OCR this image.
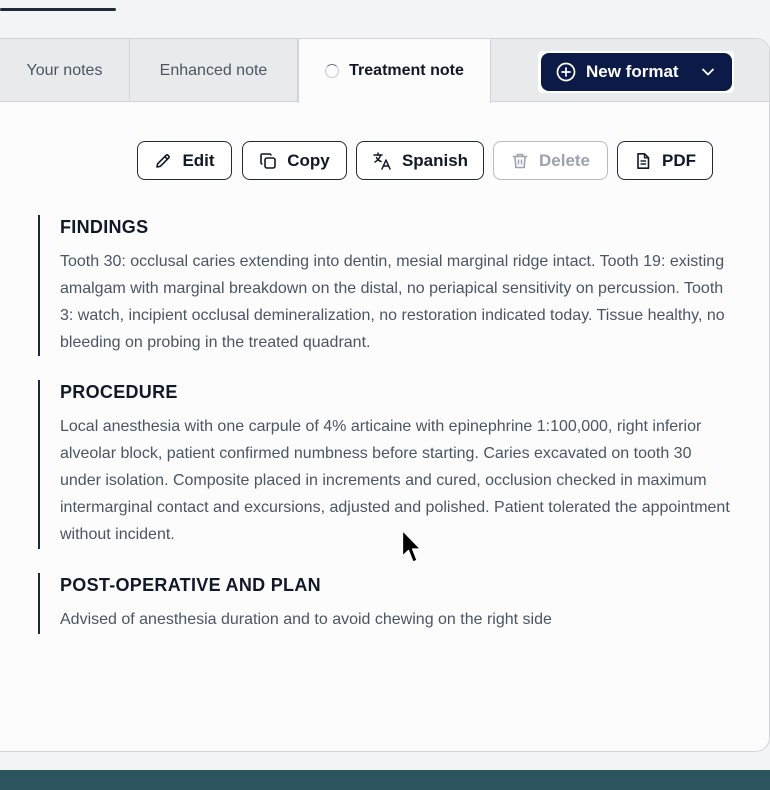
Your notes	Enhanced note	Treatment note	New format
Edit	Copy	Spanish	Delete	PDF
FINDINGS
Tooth 30: occlusal caries extending into dentin, mesial marginal ridge intact. Tooth 19: existing amalgam with marginal breakdown on the distal, no periapical sensitivity on percussion. Tooth 3: watch, incipient occlusal demineralization, no restoration indicated today. Tissue healthy, no bleeding on probing in the treated quadrant.
PROCEDURE
Local anesthesia with one carpule of 4% articaine with epinephrine 1:100,000, right inferior alveolar block, patient confirmed numbness before starting. Caries excavated on tooth 30 under isolation. Composite placed in increments and cured, occlusion checked in maximum intermarginal contact and excursions, adjusted and polished. Patient tolerated the appointment without incident.
POST-OPERATIVE AND PLAN
Advised of anesthesia duration and to avoid chewing on the right side
